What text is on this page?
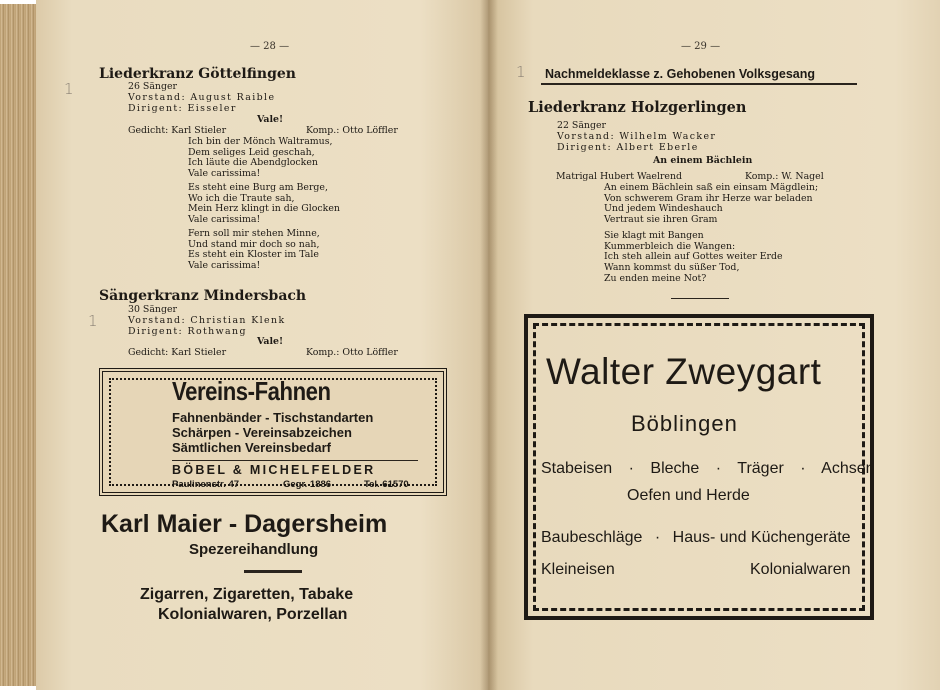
— 28 —
Liederkranz Göttelfingen
1	26 Sänger
Vorstand: August Raible
Dirigent: Eisseler
Vale!
Gedicht: Karl Stieler	Komp.: Otto Löffler
Ich bin der Mönch Waltramus,
Dem seliges Leid geschah,
Ich läute die Abendglocken
Vale carissima!
Es steht eine Burg am Berge,
Wo ich die Traute sah,
Mein Herz klingt in die Glocken
Vale carissima!
Fern soll mir stehen Minne,
Und stand mir doch so nah,
Es steht ein Kloster im Tale
Vale carissima!
Sängerkranz Mindersbach
1
30 Sänger
Vorstand: Christian Klenk
Dirigent: Rothwang
Vale!
Gedicht: Karl Stieler	Komp.: Otto Löffler
Vereins-Fahnen
Fahnenbänder - Tischstandarten
Schärpen - Vereinsabzeichen
Sämtlichen Vereinsbedarf
BÖBEL & MICHELFELDER
Paulinenstr. 47	Gegr. 1886	Tel. 61570
Karl Maier - Dagersheim
Spezereihandlung
Zigarren, Zigaretten, Tabake
Kolonialwaren, Porzellan
— 29 —
1 Nachmeldeklasse z. Gehobenen Volksgesang
Liederkranz Holzgerlingen
22 Sänger
Vorstand: Wilhelm Wacker
Dirigent: Albert Eberle
An einem Bächlein
Matrigal Hubert Waelrend	Komp.: W. Nagel
An einem Bächlein saß ein einsam Mägdlein;
Von schwerem Gram ihr Herze war beladen
Und jedem Windeshauch
Vertraut sie ihren Gram
Sie klagt mit Bangen
Kummerbleich die Wangen:
Ich steh allein auf Gottes weiter Erde
Wann kommst du süßer Tod,
Zu enden meine Not?
Walter Zweygart
Böblingen
Stabeisen · Bleche · Träger · Achsen
Oefen und Herde
Baubeschläge · Haus- und Küchengeräte
Kleineisen	Kolonialwaren
